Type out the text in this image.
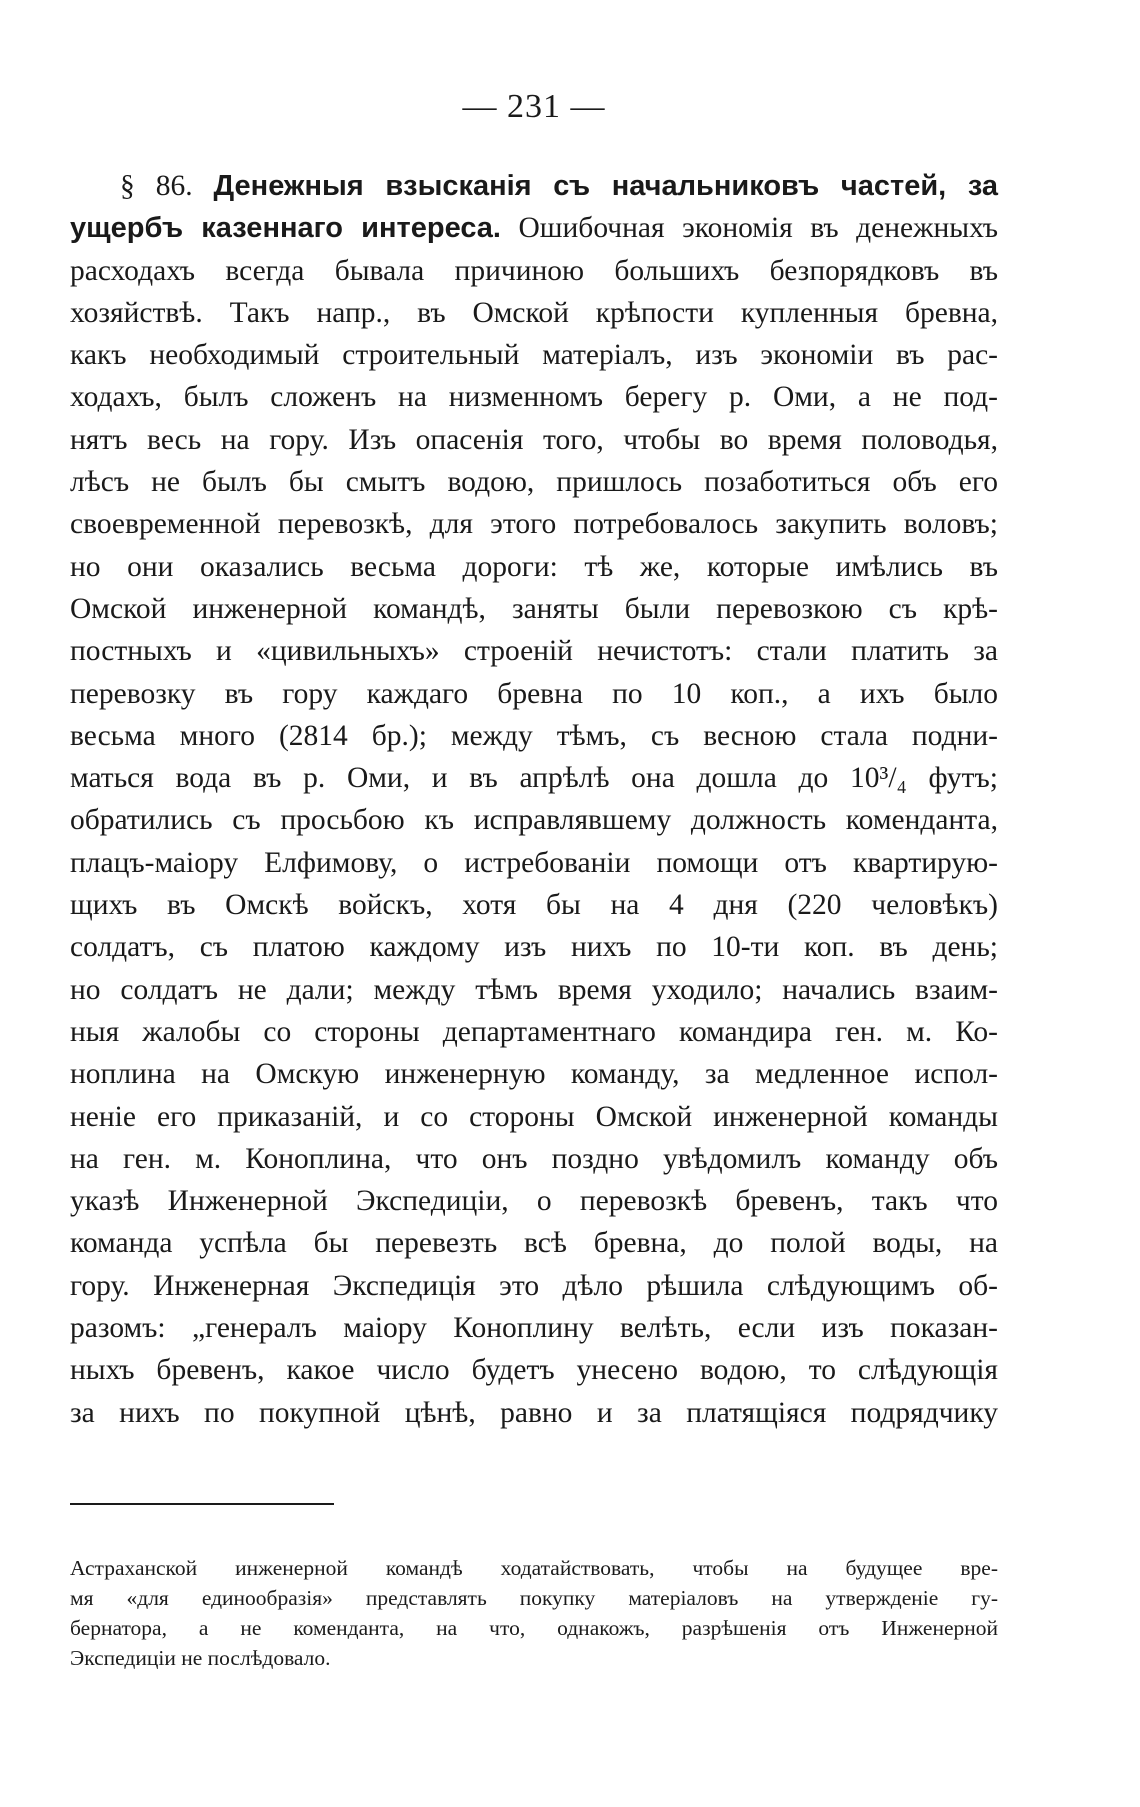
— 231 —
§ 86. Денежныя взысканія съ начальниковъ частей, за
ущербъ казеннаго интереса. Ошибочная экономія въ денежныхъ
расходахъ всегда бывала причиною большихъ безпорядковъ въ
хозяйствѣ. Такъ напр., въ Омской крѣпости купленныя бревна,
какъ необходимый строительный матеріалъ, изъ экономіи въ рас-
ходахъ, былъ сложенъ на низменномъ берегу р. Оми, а не под-
нятъ весь на гору. Изъ опасенія того, чтобы во время половодья,
лѣсъ не былъ бы смытъ водою, пришлось позаботиться объ его
своевременной перевозкѣ, для этого потребовалось закупить воловъ;
но они оказались весьма дороги: тѣ же, которые имѣлись въ
Омской инженерной командѣ, заняты были перевозкою съ крѣ-
постныхъ и «цивильныхъ» строеній нечистотъ: стали платить за
перевозку въ гору каждаго бревна по 10 коп., а ихъ было
весьма много (2814 бр.); между тѣмъ, съ весною стала подни-
маться вода въ р. Оми, и въ апрѣлѣ она дошла до 10³/₄ футъ;
обратились съ просьбою къ исправлявшему должность коменданта,
плацъ-маіору Елфимову, о истребованіи помощи отъ квартирую-
щихъ въ Омскѣ войскъ, хотя бы на 4 дня (220 человѣкъ)
солдатъ, съ платою каждому изъ нихъ по 10-ти коп. въ день;
но солдатъ не дали; между тѣмъ время уходило; начались взаим-
ныя жалобы со стороны департаментнаго командира ген. м. Ко-
ноплина на Омскую инженерную команду, за медленное испол-
неніе его приказаній, и со стороны Омской инженерной команды
на ген. м. Коноплина, что онъ поздно увѣдомилъ команду объ
указѣ Инженерной Экспедиціи, о перевозкѣ бревенъ, такъ что
команда успѣла бы перевезть всѣ бревна, до полой воды, на
гору. Инженерная Экспедиція это дѣло рѣшила слѣдующимъ об-
разомъ: „генералъ маіору Коноплину велѣть, если изъ показан-
ныхъ бревенъ, какое число будетъ унесено водою, то слѣдующія
за нихъ по покупной цѣнѣ, равно и за платящіяся подрядчику
Астраханской инженерной командѣ ходатайствовать, чтобы на будущее вре-
мя «для единообразія» представлять покупку матеріаловъ на утвержденіе гу-
бернатора, а не коменданта, на что, однакожъ, разрѣшенія отъ Инженерной
Экспедиціи не послѣдовало.
